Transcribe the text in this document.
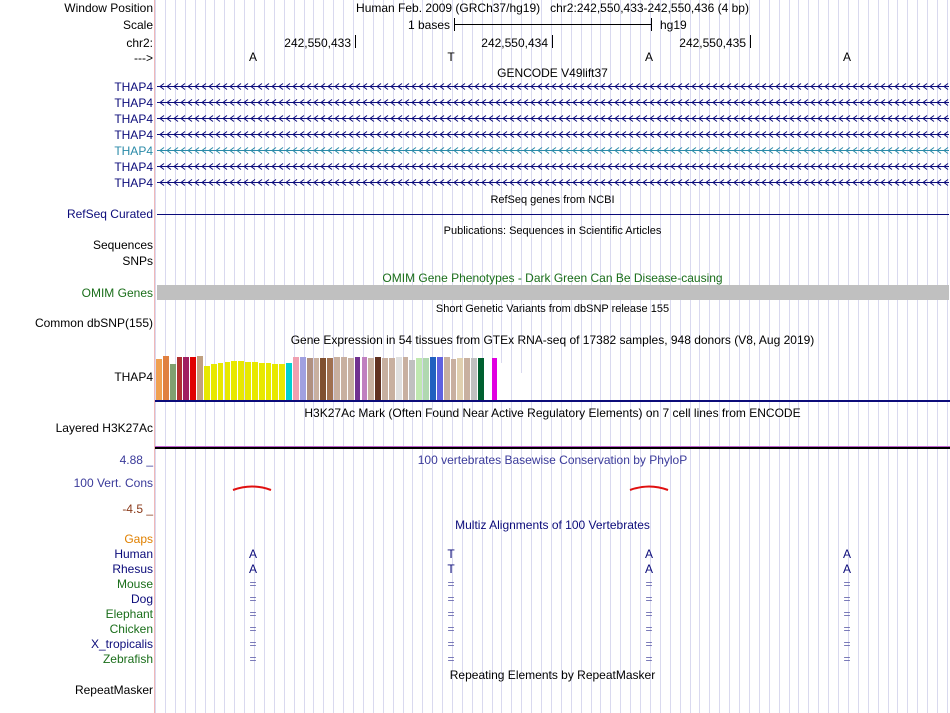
Window Position	Human Feb. 2009 (GRCh37/hg19)   chr2:242,550,433-242,550,436 (4 bp)
Scale	1 bases	hg19
chr2:
--->
GENCODE V49lift37
RefSeq genes from NCBI
RefSeq Curated
Publications: Sequences in Scientific Articles
Sequences
SNPs
OMIM Gene Phenotypes - Dark Green Can Be Disease-causing
OMIM Genes
Short Genetic Variants from dbSNP release 155
Common dbSNP(155)
Gene Expression in 54 tissues from GTEx RNA-seq of 17382 samples, 948 donors (V8, Aug 2019)
THAP4
H3K27Ac Mark (Often Found Near Active Regulatory Elements) on 7 cell lines from ENCODE
Layered H3K27Ac
100 vertebrates Basewise Conservation by PhyloP
4.88 _
100 Vert. Cons
-4.5 _
Multiz Alignments of 100 Vertebrates
Gaps
Repeating Elements by RepeatMasker
RepeatMasker
242,550,433	242,550,434	242,550,435
A	T	A	A
THAP4
THAP4
THAP4
THAP4
THAP4
THAP4
THAP4
Human	A	T	A	A
Rhesus	A	T	A	A
Mouse	=	=	=	=
Dog	=	=	=	=
Elephant	=	=	=	=
Chicken	=	=	=	=
X_tropicalis	=	=	=	=
Zebrafish	=	=	=	=
